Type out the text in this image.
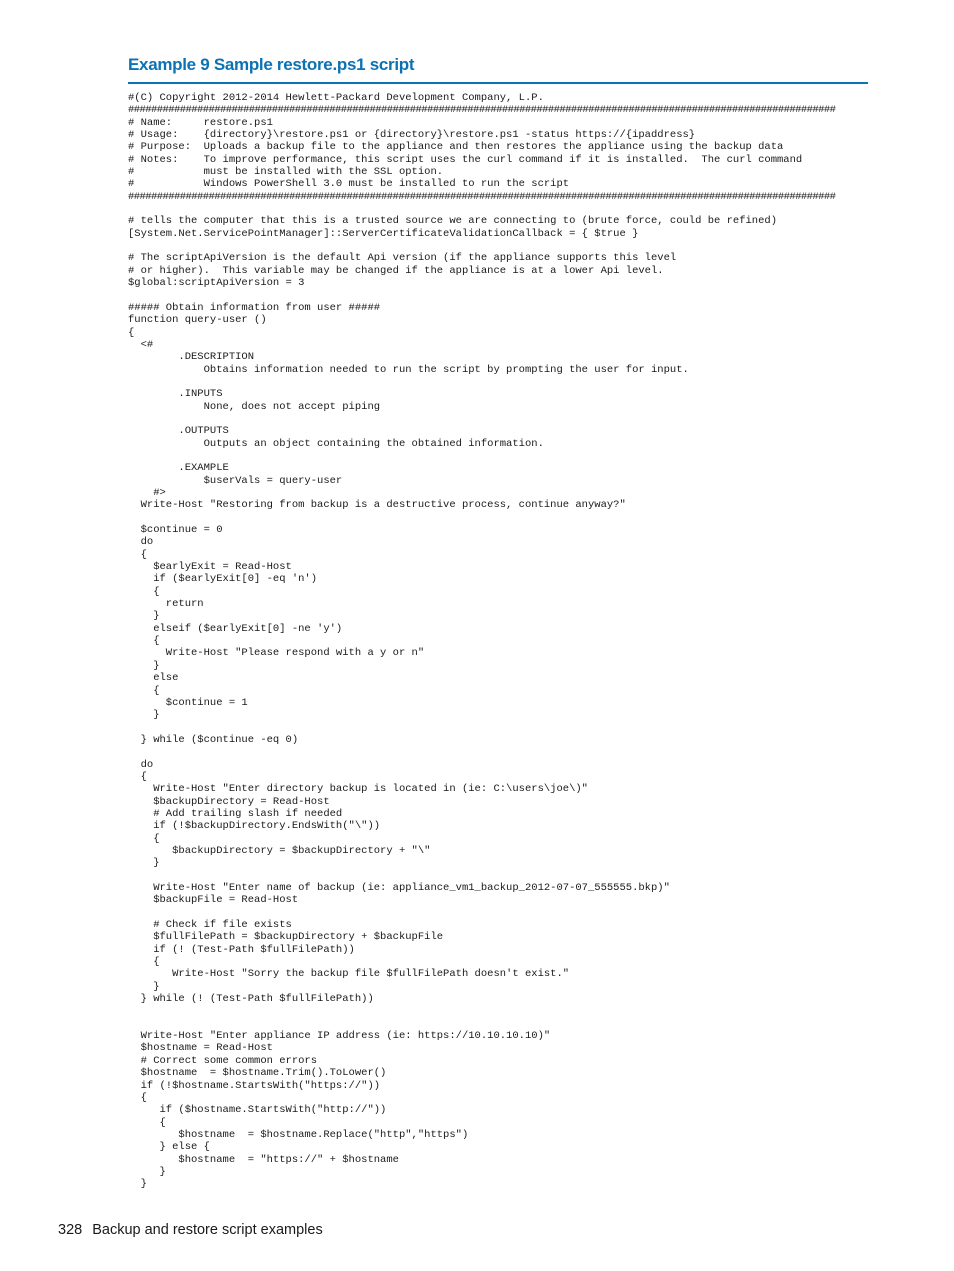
Example 9 Sample restore.ps1 script
#(C) Copyright 2012-2014 Hewlett-Packard Development Company, L.P.
###########################################################################################################################
# Name:     restore.ps1
# Usage:    {directory}\restore.ps1 or {directory}\restore.ps1 -status https://{ipaddress}
# Purpose:  Uploads a backup file to the appliance and then restores the appliance using the backup data
# Notes:    To improve performance, this script uses the curl command if it is installed.  The curl command
#           must be installed with the SSL option.
#           Windows PowerShell 3.0 must be installed to run the script
###########################################################################################################################

# tells the computer that this is a trusted source we are connecting to (brute force, could be refined)
[System.Net.ServicePointManager]::ServerCertificateValidationCallback = { $true }

# The scriptApiVersion is the default Api version (if the appliance supports this level
# or higher).  This variable may be changed if the appliance is at a lower Api level.
$global:scriptApiVersion = 3

##### Obtain information from user #####
function query-user ()
{
<#
.DESCRIPTION
Obtains information needed to run the script by prompting the user for input.

.INPUTS
None, does not accept piping

.OUTPUTS
Outputs an object containing the obtained information.

.EXAMPLE
$userVals = query-user
#>
Write-Host "Restoring from backup is a destructive process, continue anyway?"

$continue = 0
do
{
$earlyExit = Read-Host
if ($earlyExit[0] -eq 'n')
{
return
}
elseif ($earlyExit[0] -ne 'y')
{
Write-Host "Please respond with a y or n"
}
else
{
$continue = 1
}

} while ($continue -eq 0)

do
{
Write-Host "Enter directory backup is located in (ie: C:\users\joe\)"
$backupDirectory = Read-Host
# Add trailing slash if needed
if (!$backupDirectory.EndsWith("\"))
{
$backupDirectory = $backupDirectory + "\"
}

Write-Host "Enter name of backup (ie: appliance_vm1_backup_2012-07-07_555555.bkp)"
$backupFile = Read-Host

# Check if file exists
$fullFilePath = $backupDirectory + $backupFile
if (! (Test-Path $fullFilePath))
{
Write-Host "Sorry the backup file $fullFilePath doesn't exist."
}
} while (! (Test-Path $fullFilePath))

Write-Host "Enter appliance IP address (ie: https://10.10.10.10)"
$hostname = Read-Host
# Correct some common errors
$hostname  = $hostname.Trim().ToLower()
if (!$hostname.StartsWith("https://"))
{
if ($hostname.StartsWith("http://"))
{
$hostname  = $hostname.Replace("http","https")
} else {
$hostname  = "https://" + $hostname
}
}
328 Backup and restore script examples
